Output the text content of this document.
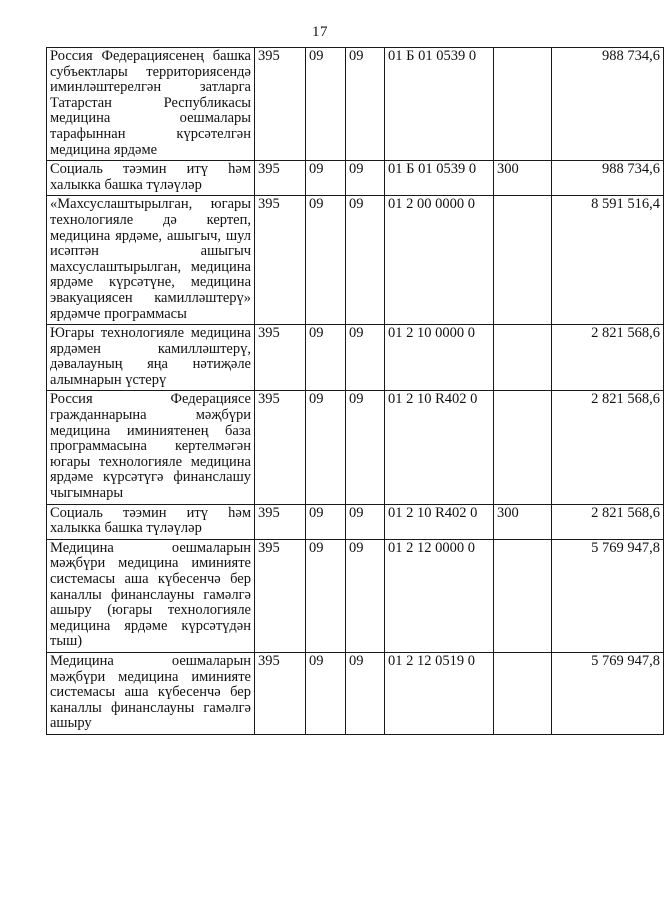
17
Россия Федерациясенең башка субъектлары территориясендә иминләштерелгән затларга Татарстан Республикасы медицина оешмалары тарафыннан күрсәтелгән медицина ярдәме	395	09	09	01 Б 01 0539 0		988 734,6
Социаль тәэмин итү һәм халыкка башка түләүләр	395	09	09	01 Б 01 0539 0	300	988 734,6
«Махсуслаштырылган, югары технологияле дә кертеп, медицина ярдәме, ашыгыч, шул исәптән ашыгыч махсуслаштырылган, медицина ярдәме күрсәтүне, медицина эвакуациясен камилләштерү» ярдәмче программасы	395	09	09	01 2 00 0000 0		8 591 516,4
Югары технологияле медицина ярдәмен камилләштерү, дәвалауның яңа нәтиҗәле алымнарын үстерү	395	09	09	01 2 10 0000 0		2 821 568,6
Россия Федерациясе гражданнарына мәҗбүри медицина иминиятенең база программасына кертелмәгән югары технологияле медицина ярдәме күрсәтүгә финанслашу чыгымнары	395	09	09	01 2 10 R402 0		2 821 568,6
Социаль тәэмин итү һәм халыкка башка түләүләр	395	09	09	01 2 10 R402 0	300	2 821 568,6
Медицина оешмаларын мәҗбүри медицина иминияте системасы аша күбесенчә бер каналлы финанслауны гамәлгә ашыру (югары технологияле медицина ярдәме күрсәтүдән тыш)	395	09	09	01 2 12 0000 0		5 769 947,8
Медицина оешмаларын мәҗбүри медицина иминияте системасы аша күбесенчә бер каналлы финанслауны гамәлгә ашыру	395	09	09	01 2 12 0519 0		5 769 947,8
